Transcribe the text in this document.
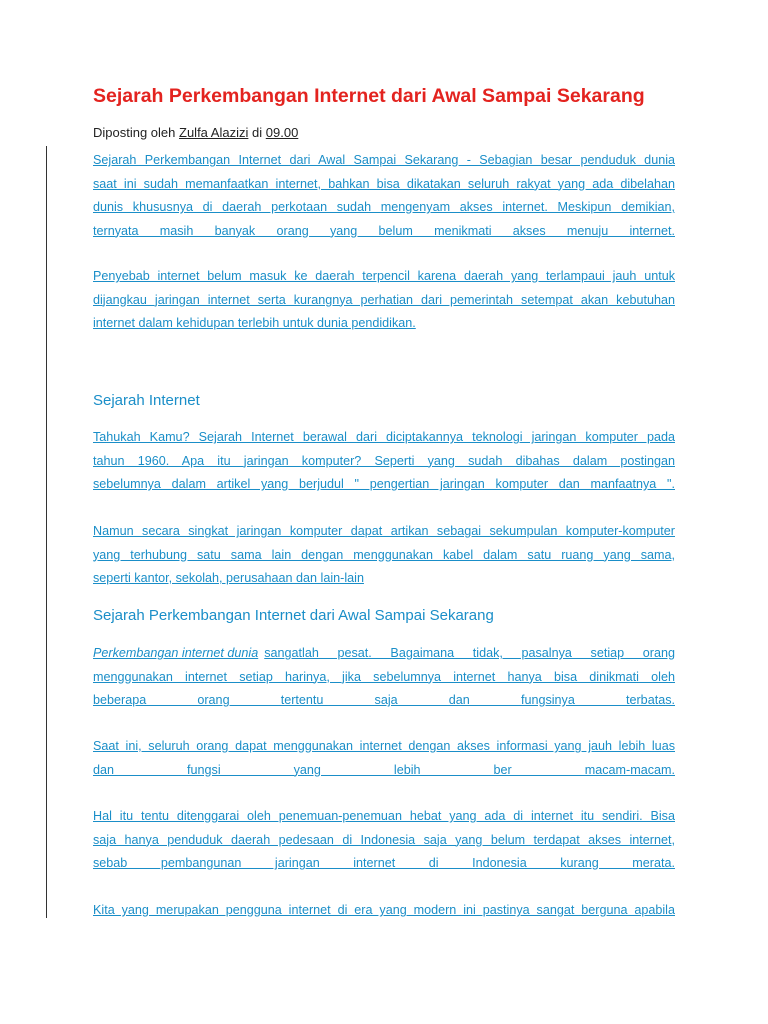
Sejarah Perkembangan Internet dari Awal Sampai Sekarang
Diposting oleh Zulfa Alazizi di 09.00
Sejarah Perkembangan Internet dari Awal Sampai Sekarang - Sebagian besar penduduk dunia
saat ini sudah memanfaatkan internet, bahkan bisa dikatakan seluruh rakyat yang ada dibelahan
dunis khususnya di daerah perkotaan sudah mengenyam akses internet. Meskipun demikian,
ternyata masih banyak orang yang belum menikmati akses menuju internet.
Penyebab internet belum masuk ke daerah terpencil karena daerah yang terlampaui jauh untuk
dijangkau jaringan internet serta kurangnya perhatian dari pemerintah setempat akan kebutuhan
internet dalam kehidupan terlebih untuk dunia pendidikan.
Sejarah Internet
Tahukah Kamu? Sejarah Internet berawal dari diciptakannya teknologi jaringan komputer pada
tahun 1960. Apa itu jaringan komputer? Seperti yang sudah dibahas dalam postingan
sebelumnya dalam artikel yang berjudul " pengertian jaringan komputer dan manfaatnya ".
Namun secara singkat jaringan komputer dapat artikan sebagai sekumpulan komputer-komputer
yang terhubung satu sama lain dengan menggunakan kabel dalam satu ruang yang sama,
seperti kantor, sekolah, perusahaan dan lain-lain
Sejarah Perkembangan Internet dari Awal Sampai Sekarang
Perkembangan internet dunia sangatlah pesat. Bagaimana tidak, pasalnya setiap orang
menggunakan internet setiap harinya, jika sebelumnya internet hanya bisa dinikmati oleh
beberapa orang tertentu saja dan fungsinya terbatas.
Saat ini, seluruh orang dapat menggunakan internet dengan akses informasi yang jauh lebih luas
dan fungsi yang lebih ber macam-macam.
Hal itu tentu ditenggarai oleh penemuan-penemuan hebat yang ada di internet itu sendiri. Bisa
saja hanya penduduk daerah pedesaan di Indonesia saja yang belum terdapat akses internet,
sebab pembangunan jaringan internet di Indonesia kurang merata.
Kita yang merupakan pengguna internet di era yang modern ini pastinya sangat berguna apabila
